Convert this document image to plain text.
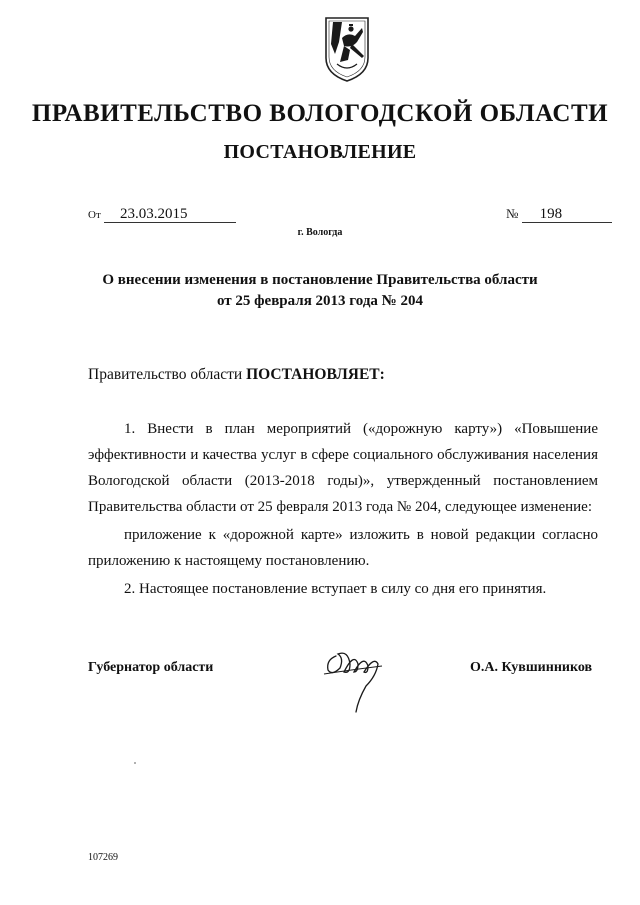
ПРАВИТЕЛЬСТВО ВОЛОГОДСКОЙ ОБЛАСТИ
ПОСТАНОВЛЕНИЕ
От 23.03.2015	№ 198
г. Вологда
О внесении изменения в постановление Правительства области
от 25 февраля 2013 года № 204
Правительство области ПОСТАНОВЛЯЕТ:
1. Внести в план мероприятий («дорожную карту») «Повышение эффективности и качества услуг в сфере социального обслуживания населения Вологодской области (2013-2018 годы)», утвержденный постановлением Правительства области от 25 февраля 2013 года № 204, следующее изменение:
приложение к «дорожной карте» изложить в новой редакции согласно приложению к настоящему постановлению.
2. Настоящее постановление вступает в силу со дня его принятия.
Губернатор области	О.А. Кувшинников
107269
